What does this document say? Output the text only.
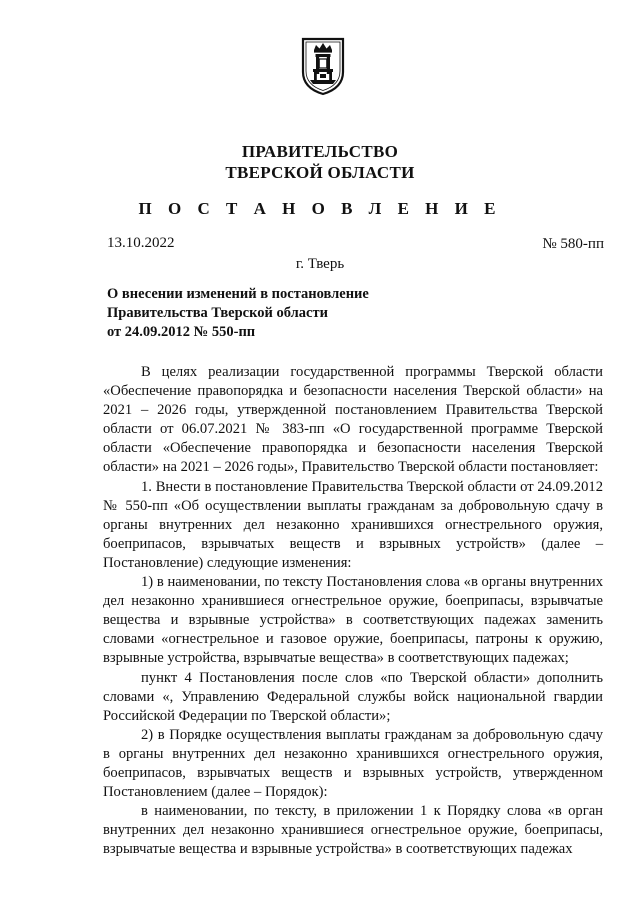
ПРАВИТЕЛЬСТВО
ТВЕРСКОЙ ОБЛАСТИ
П О С Т А Н О В Л Е Н И Е
13.10.2022	№ 580-пп
г. Тверь
О внесении изменений в постановление
Правительства Тверской области
от 24.09.2012 № 550-пп

В целях реализации государственной программы Тверской области «Обеспечение правопорядка и безопасности населения Тверской области» на 2021 – 2026 годы, утвержденной постановлением Правительства Тверской области от 06.07.2021 № 383-пп «О государственной программе Тверской области «Обеспечение правопорядка и безопасности населения Тверской области» на 2021 – 2026 годы», Правительство Тверской области постановляет:

1. Внести в постановление Правительства Тверской области от 24.09.2012 № 550-пп «Об осуществлении выплаты гражданам за добровольную сдачу в органы внутренних дел незаконно хранившихся огнестрельного оружия, боеприпасов, взрывчатых веществ и взрывных устройств» (далее – Постановление) следующие изменения:

1) в наименовании, по тексту Постановления слова «в органы внутренних дел незаконно хранившиеся огнестрельное оружие, боеприпасы, взрывчатые вещества и взрывные устройства» в соответствующих падежах заменить словами «огнестрельное и газовое оружие, боеприпасы, патроны к оружию, взрывные устройства, взрывчатые вещества» в соответствующих падежах;

пункт 4 Постановления после слов «по Тверской области» дополнить словами «, Управлению Федеральной службы войск национальной гвардии Российской Федерации по Тверской области»;

2) в Порядке осуществления выплаты гражданам за добровольную сдачу в органы внутренних дел незаконно хранившихся огнестрельного оружия, боеприпасов, взрывчатых веществ и взрывных устройств, утвержденном Постановлением (далее – Порядок):

в наименовании, по тексту, в приложении 1 к Порядку слова «в орган внутренних дел незаконно хранившиеся огнестрельное оружие, боеприпасы, взрывчатые вещества и взрывные устройства» в соответствующих падежах
